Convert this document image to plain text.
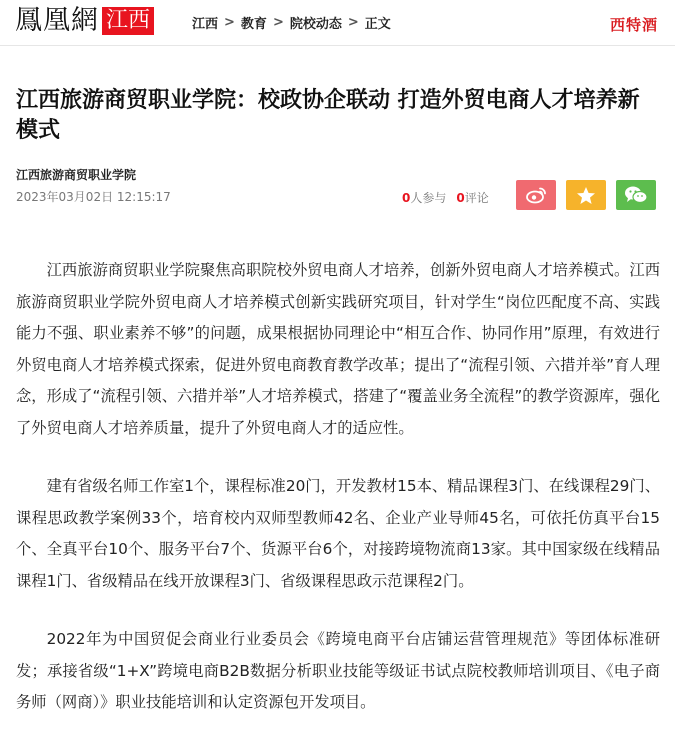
鳳凰網 江西	江西 > 教育 > 院校动态 > 正文	西特酒
江西旅游商贸职业学院：校政协企联动 打造外贸电商人才培养新模式
江西旅游商贸职业学院
2023年03月02日 12:15:17	0人参与 0评论

江西旅游商贸职业学院聚焦高职院校外贸电商人才培养，创新外贸电商人才培养模式。江西旅游商贸职业学院外贸电商人才培养模式创新实践研究项目，针对学生“岗位匹配度不高、实践能力不强、职业素养不够”的问题，成果根据协同理论中“相互合作、协同作用”原理，有效进行外贸电商人才培养模式探索，促进外贸电商教育教学改革；提出了“流程引领、六措并举”育人理念，形成了“流程引领、六措并举”人才培养模式，搭建了“覆盖业务全流程”的教学资源库，强化了外贸电商人才培养质量，提升了外贸电商人才的适应性。

建有省级名师工作室1个，课程标准20门，开发教材15本、精品课程3门、在线课程29门、课程思政教学案例33个，培育校内双师型教师42名、企业产业导师45名，可依托仿真平台15个、全真平台10个、服务平台7个、货源平台6个，对接跨境物流商13家。其中国家级在线精品课程1门、省级精品在线开放课程3门、省级课程思政示范课程2门。

2022年为中国贸促会商业行业委员会《跨境电商平台店铺运营管理规范》等团体标准研发；承接省级“1+X”跨境电商B2B数据分析职业技能等级证书试点院校教师培训项目、《电子商务师（网商）》职业技能培训和认定资源包开发项目。
